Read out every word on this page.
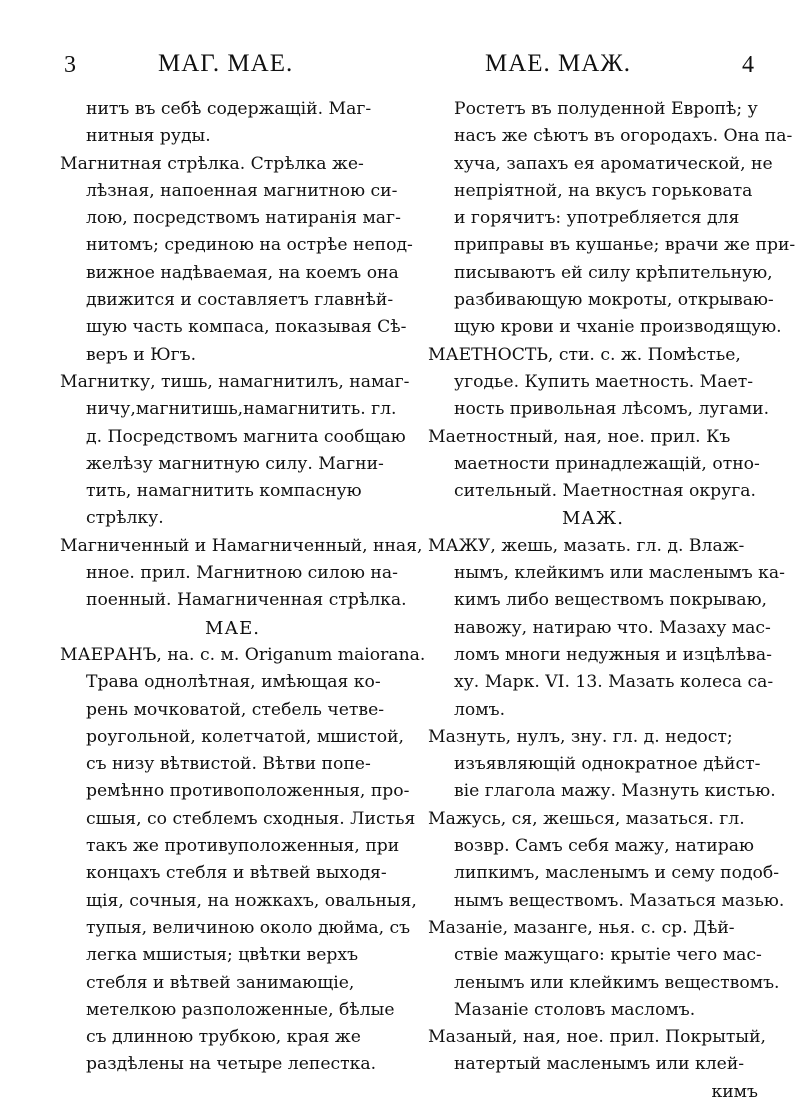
3	МАГ. МАЕ.	МАЕ. МАЖ.	4
нитъ въ себѣ содержащій. Маг-
нитныя руды.
Магнитная стрѣлка. Стрѣлка же-
лѣзная, напоенная магнитною си-
лою, посредствомъ натиранія маг-
нитомъ; срединою на острѣе непод-
вижное надѣваемая, на коемъ она
движится и составляетъ главнѣй-
шую часть компаса, показывая Сѣ-
веръ и Югъ.
Магнитку, тишь, намагнитилъ, намаг-
ничу,магнитишь,намагнитить. гл.
д. Посредствомъ магнита сообщаю
желѣзу магнитную силу. Магни-
тить, намагнитить компасную
стрѣлку.
Магниченный и Намагниченный, нная,
нное. прил. Магнитною силою на-
поенный. Намагниченная стрѣлка.
МАЕ.
МАЕРАНЪ, на. с. м. Origanum maiorana.
Трава однолѣтная, имѣющая ко-
рень мочковатой, стебель четве-
роугольной, колетчатой, мшистой,
съ низу вѣтвистой. Вѣтви попе-
ремѣнно противоположенныя, про-
сшыя, со стеблемъ сходныя. Листья
такъ же противуположенныя, при
концахъ стебля и вѣтвей выходя-
щія, сочныя, на ножкахъ, овальныя,
тупыя, величиною около дюйма, съ
легка мшистыя; цвѣтки верхъ
стебля и вѣтвей занимающіе,
метелкою разположенные, бѣлые
съ длинною трубкою, края же
раздѣлены на четыре лепестка.
Ростетъ въ полуденной Европѣ; у
насъ же сѣютъ въ огородахъ. Она па-
хуча, запахъ ея ароматической, не
непріятной, на вкусъ горьковата
и горячитъ: употребляется для
приправы въ кушанье; врачи же при-
писываютъ ей силу крѣпительную,
разбивающую мокроты, открываю-
щую крови и чханіе производящую.
МАЕТНОСТЬ, сти. с. ж. Помѣстье,
угодье. Купить маетность. Мает-
ность привольная лѣсомъ, лугами.
Маетностный, ная, ное. прил. Къ
маетности принадлежащій, отно-
сительный. Маетностная округа.
МАЖ.
МАЖУ, жешь, мазать. гл. д. Влаж-
нымъ, клейкимъ или масленымъ ка-
кимъ либо веществомъ покрываю,
навожу, натираю что. Мазаху мас-
ломъ многи недужныя и изцѣлѣва-
ху. Марк. VI. 13. Мазать колеса са-
ломъ.
Мазнуть, нулъ, зну. гл. д. недост;
изъявляющій однократное дѣйст-
віе глагола мажу. Мазнуть кистью.
Мажусь, ся, жешься, мазаться. гл.
возвр. Самъ себя мажу, натираю
липкимъ, масленымъ и сему подоб-
нымъ веществомъ. Мазаться мазью.
Мазаніе, мазанге, нья. с. ср. Дѣй-
ствіе мажущаго: крытіе чего мас-
ленымъ или клейкимъ веществомъ.
Мазаніе столовъ масломъ.
Мазаный, ная, ное. прил. Покрытый,
натертый масленымъ или клей-
кимъ
